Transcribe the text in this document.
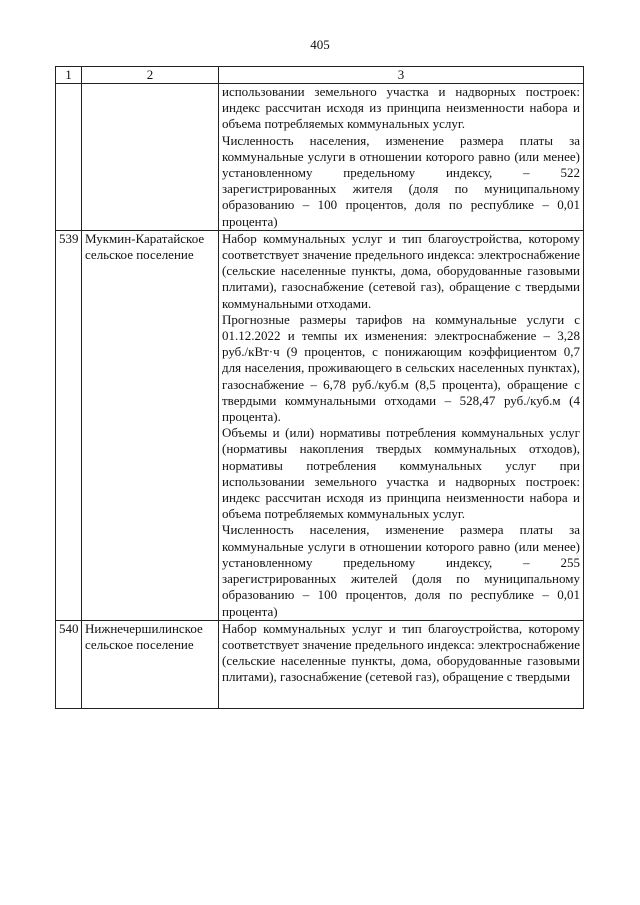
405
1	2	3

		использовании земельного участка и надворных построек: индекс рассчитан исходя из принципа неизменности набора и объема потребляемых коммунальных услуг.

Численность населения, изменение размера платы за коммунальные услуги в отношении которого равно (или менее) установленному предельному индексу, – 522 зарегистрированных жителя (доля по муниципальному образованию – 100 процентов, доля по республике – 0,01 процента)

539	Мукмин-Каратайское сельское поселение	Набор коммунальных услуг и тип благоустройства, которому соответствует значение предельного индекса: электроснабжение (сельские населенные пункты, дома, оборудованные газовыми плитами), газоснабжение (сетевой газ), обращение с твердыми коммунальными отходами.

Прогнозные размеры тарифов на коммунальные услуги с 01.12.2022 и темпы их изменения: электроснабжение – 3,28 руб./кВт·ч (9 процентов, с понижающим коэффициентом 0,7 для населения, проживающего в сельских населенных пунктах), газоснабжение – 6,78 руб./куб.м (8,5 процента), обращение с твердыми коммунальными отходами – 528,47 руб./куб.м (4 процента).

Объемы и (или) нормативы потребления коммунальных услуг (нормативы накопления твердых коммунальных отходов), нормативы потребления коммунальных услуг при использовании земельного участка и надворных построек: индекс рассчитан исходя из принципа неизменности набора и объема потребляемых коммунальных услуг.

Численность населения, изменение размера платы за коммунальные услуги в отношении которого равно (или менее) установленному предельному индексу, – 255 зарегистрированных жителей (доля по муниципальному образованию – 100 процентов, доля по республике – 0,01 процента)

540	Нижнечершилинское сельское поселение	Набор коммунальных услуг и тип благоустройства, которому соответствует значение предельного индекса: электроснабжение (сельские населенные пункты, дома, оборудованные газовыми плитами), газоснабжение (сетевой газ), обращение с твердыми
